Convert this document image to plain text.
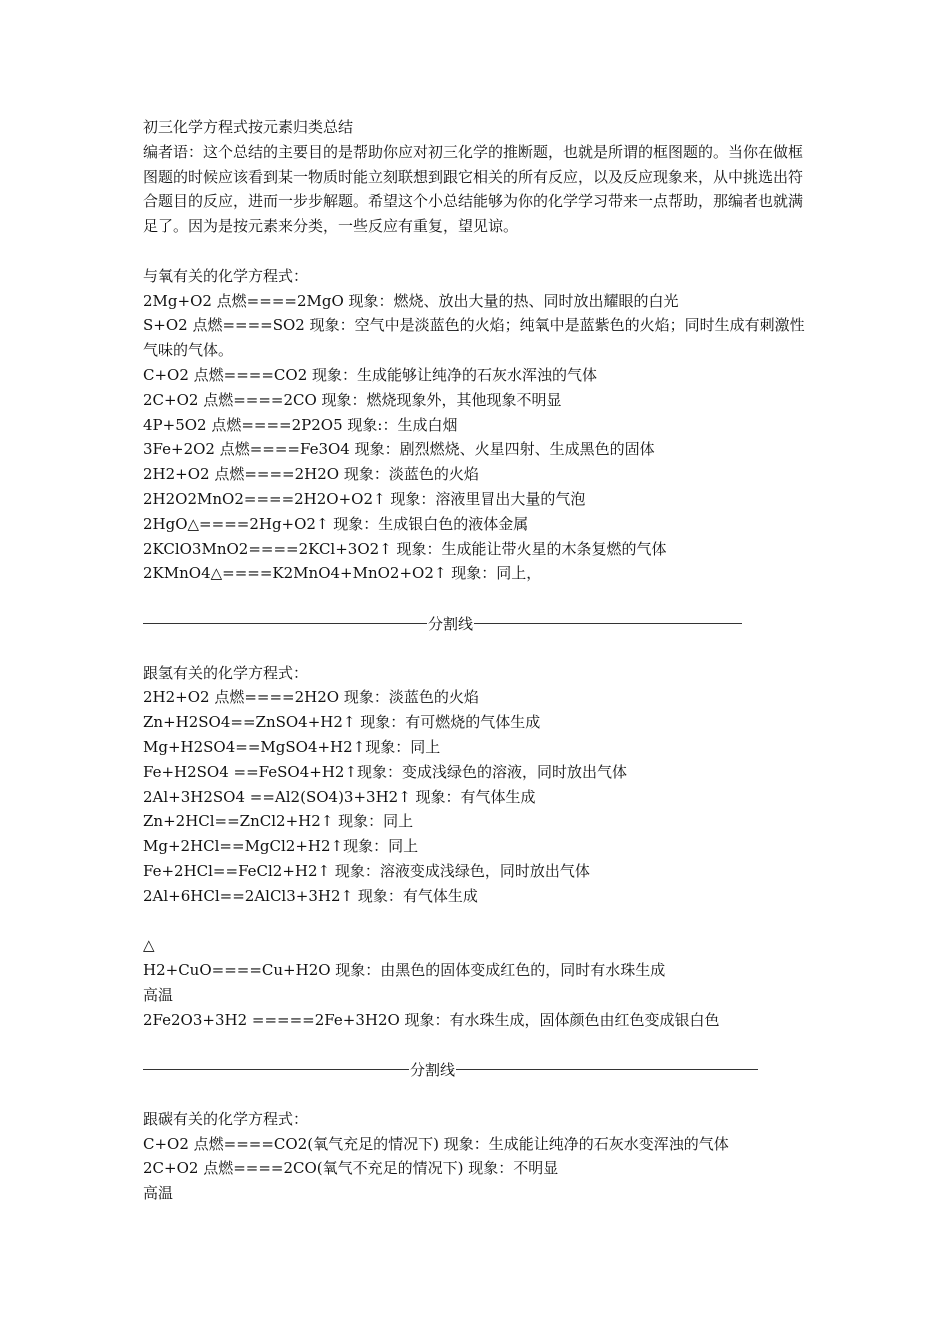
初三化学方程式按元素归类总结
编者语：这个总结的主要目的是帮助你应对初三化学的推断题，也就是所谓的框图题的。当你在做框图题的时候应该看到某一物质时能立刻联想到跟它相关的所有反应，以及反应现象来，从中挑选出符合题目的反应，进而一步步解题。希望这个小总结能够为你的化学学习带来一点帮助，那编者也就满足了。因为是按元素来分类，一些反应有重复，望见谅。
与氧有关的化学方程式：
2Mg+O2 点燃====2MgO 现象：燃烧、放出大量的热、同时放出耀眼的白光
S+O2 点燃====SO2 现象：空气中是淡蓝色的火焰；纯氧中是蓝紫色的火焰；同时生成有刺激性气味的气体。
C+O2 点燃====CO2 现象：生成能够让纯净的石灰水浑浊的气体
2C+O2 点燃====2CO 现象：燃烧现象外，其他现象不明显
4P+5O2 点燃====2P2O5 现象:：生成白烟
3Fe+2O2 点燃====Fe3O4 现象：剧烈燃烧、火星四射、生成黑色的固体
2H2+O2 点燃====2H2O 现象：淡蓝色的火焰
2H2O2MnO2====2H2O+O2↑ 现象：溶液里冒出大量的气泡
2HgO△====2Hg+O2↑ 现象：生成银白色的液体金属
2KClO3MnO2====2KCl+3O2↑ 现象：生成能让带火星的木条复燃的气体
2KMnO4△====K2MnO4+MnO2+O2↑ 现象：同上，
分割线
跟氢有关的化学方程式：
2H2+O2 点燃====2H2O 现象：淡蓝色的火焰
Zn+H2SO4==ZnSO4+H2↑ 现象：有可燃烧的气体生成
Mg+H2SO4==MgSO4+H2↑现象：同上
Fe+H2SO4 ==FeSO4+H2↑现象：变成浅绿色的溶液，同时放出气体
2Al+3H2SO4 ==Al2(SO4)3+3H2↑ 现象：有气体生成
Zn+2HCl==ZnCl2+H2↑ 现象：同上
Mg+2HCl==MgCl2+H2↑现象：同上
Fe+2HCl==FeCl2+H2↑ 现象：溶液变成浅绿色，同时放出气体
2Al+6HCl==2AlCl3+3H2↑ 现象：有气体生成
△
H2+CuO====Cu+H2O 现象：由黑色的固体变成红色的，同时有水珠生成
高温
2Fe2O3+3H2 =====2Fe+3H2O 现象：有水珠生成，固体颜色由红色变成银白色
分割线
跟碳有关的化学方程式：
C+O2 点燃====CO2(氧气充足的情况下) 现象：生成能让纯净的石灰水变浑浊的气体
2C+O2 点燃====2CO(氧气不充足的情况下) 现象：不明显
高温
